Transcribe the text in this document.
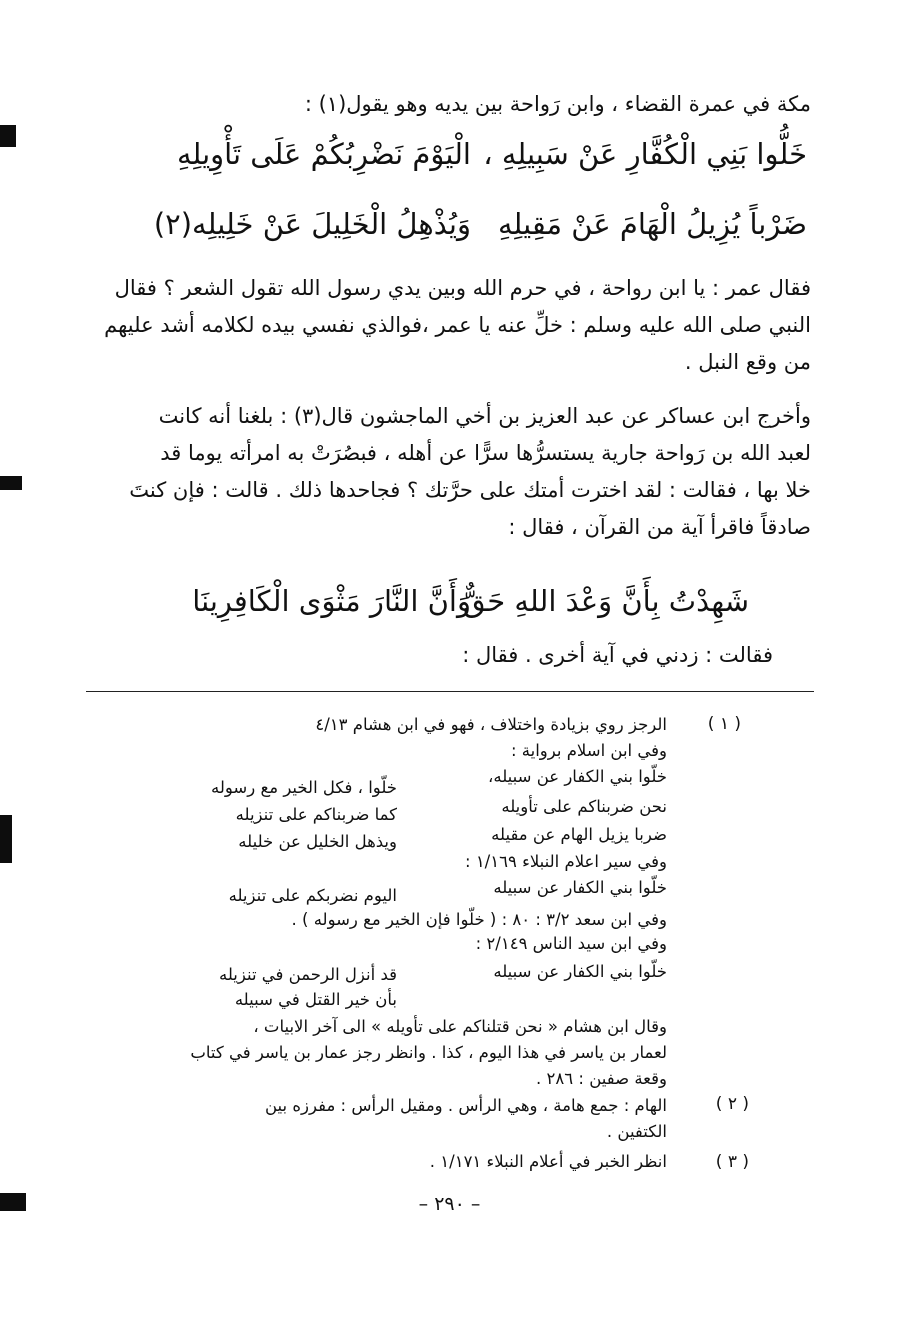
مكة في عمرة القضاء ، وابن رَواحة بين يديه وهو يقول(١) :
الْيَوْمَ نَضْرِبُكُمْ عَلَى تَأْوِيلِهِ خَلُّوا بَنِي الْكُفَّارِ عَنْ سَبِيلِهِ ،
وَيُذْهِلُ الْخَلِيلَ عَنْ خَلِيلِه(٢) ضَرْباً يُزِيلُ الْهَامَ عَنْ مَقِيلِهِ
فقال عمر : يا ابن رواحة ، في حرم الله وبين يدي رسول الله تقول الشعر ؟ فقال
النبي صلى الله عليه وسلم : خلِّ عنه يا عمر ،فوالذي نفسي بيده لكلامه أشد عليهم
من وقع النبل .
وأخرج ابن عساكر عن عبد العزيز بن أخي الماجشون قال(٣) : بلغنا أنه كانت
لعبد الله بن رَواحة جارية يستسرُّها سرًّا عن أهله ، فبصُرَتْ به امرأته يوما قد
خلا بها ، فقالت : لقد اخترت أمتك على حرَّتك ؟ فجاحدها ذلك . قالت : فإن كنتَ
صادقاً فاقرأ آية من القرآن ، فقال :
وَأَنَّ النَّارَ مَثْوَى الْكَافِرِينَا
شَهِدْتُ بِأَنَّ وَعْدَ اللهِ حَقٌّ
فقالت : زدني في آية أخرى . فقال :
( ١ )
الرجز روي بزيادة واختلاف ، فهو في ابن هشام ٤/١٣
وفي ابن اسلام برواية :
خلّوا بني الكفار عن سبيله،
خلّوا ، فكل الخير مع رسوله
نحن ضربناكم على تأويله
كما ضربناكم على تنزيله
ضربا يزيل الهام عن مقيله
ويذهل الخليل عن خليله
وفي سير اعلام النبلاء ١/١٦٩ :
خلّوا بني الكفار عن سبيله
اليوم نضربكم على تنزيله
وفي ابن سعد ٣/٢ : ٨٠ : ( خلّوا فإن الخير مع رسوله ) .
وفي ابن سيد الناس ٢/١٤٩ :
خلّوا بني الكفار عن سبيله
قد أنزل الرحمن في تنزيله
بأن خير القتل في سبيله
وقال ابن هشام « نحن قتلناكم على تأويله » الى آخر الابيات ،
لعمار بن ياسر في هذا اليوم ، كذا . وانظر رجز عمار بن ياسر في كتاب
وقعة صفين : ٢٨٦ .
( ٢ )
الهام : جمع هامة ، وهي الرأس . ومقيل الرأس : مفرزه بين
الكتفين .
( ٣ )
انظر الخبر في أعلام النبلاء ١/١٧١ .
– ٢٩٠ –
